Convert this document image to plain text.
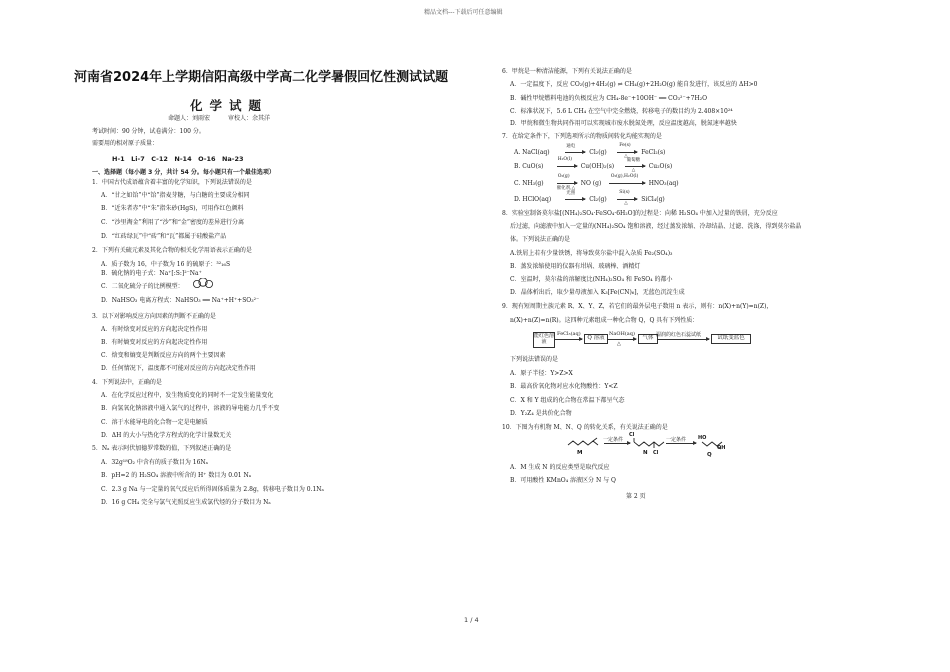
精品文档---下载后可任意编辑
河南省2024年上学期信阳高级中学高二化学暑假回忆性测试试题
化学试题
命题人：刘雨宏　　　审校人：余其洋
考试时间：90 分钟，试卷满分：100 分。
需要用的相对原子质量：
H-1　Li-7　C-12　N-14　O-16　Na-23
一、选择题（每小题 3 分，共计 54 分。每小题只有一个最佳选项）
1．中国古代成语蕴含着丰富的化学知识，下列说法错误的是
A．“甘之如饴”中“饴”指麦芽糖，与白糖的主要成分相同
B．“近朱者赤”中“朱”指朱砂(HgS)，可用作红色颜料
C．“沙里淘金”利用了“沙”和“金”密度的差异进行分离
D．“红砖绿瓦”中“砖”和“瓦”都属于硅酸盐产品
2．下列有关硫元素及其化合物的相关化学用语表示正确的是
A．质子数为 16，中子数为 16 的硫原子：³²₁₆S
B．硫化钠的电子式：Na⁺[:S:]²⁻Na⁺
C．二氧化硫分子的比例模型：
D．NaHSO₃ 电离方程式：NaHSO₃ ══ Na⁺+H⁺+SO₃²⁻
3．以下对影响反应方向因素的判断不正确的是
A．有时焓变对反应的方向起决定性作用
B．有时熵变对反应的方向起决定性作用
C．焓变和熵变是判断反应方向的两个主要因素
D．任何情况下，温度都不可能对反应的方向起决定性作用
4．下列说法中，正确的是
A．在化学反应过程中，发生物质变化的同时不一定发生能量变化
B．向氢氧化钠溶液中通入氯气的过程中，溶液的导电能力几乎不变
C．溶于水能导电的化合物一定是电解质
D．ΔH 的大小与热化学方程式的化学计量数无关
5．Nₐ 表示阿伏加德罗常数的值，下列叙述正确的是
A．32g¹⁸O₂ 中含有的质子数目为 16Nₐ
B．pH=2 的 H₂SO₄ 溶液中所含的 H⁺ 数目为 0.01 Nₐ
C．2.3 g Na 与一定量的氧气反应后所得固体质量为 2.8g，转移电子数目为 0.1Nₐ
D．16 g CH₄ 完全与氯气光照反应生成氯代烃的分子数目为 Nₐ
6．甲烷是一种清洁能源，下列有关说法正确的是
A．一定温度下，反应 CO₂(g)+4H₂(g) ⇌ CH₄(g)+2H₂O(g) 能自发进行，该反应的 ΔH>0
B．碱性甲烷燃料电池的负极反应为 CH₄-8e⁻+10OH⁻ ══ CO₃²⁻+7H₂O
C．标准状况下，5.6 L CH₄ 在空气中完全燃烧，转移电子的数目约为 2.408×10²⁴
D．甲烷和微生物共同作用可以实现城市废水脱氮处理，反应温度越高，脱氮速率越快
7．在给定条件下，下列选项所示的物质间转化均能实现的是
A. NaCl(aq)
通电
Cl₂(g)
Fe(s)
△
FeCl₂(s)
B. CuO(s)
H₂O(l)
Cu(OH)₂(s)
葡萄糖
△
Cu₂O(s)
C. NH₃(g)
O₂(g)
催化剂,△
NO (g)
O₂(g),H₂O(l)
HNO₃(aq)
D. HClO(aq)
光照
Cl₂(g)
Si(s)
△
SiCl₄(g)
8．实验室制备莫尔盐[(NH₄)₂SO₄·FeSO₄·6H₂O]的过程是：向稀 H₂SO₄ 中加入过量的铁屑，充分反应
后过滤，向滤液中加入一定量的(NH₄)₂SO₄ 饱和溶液，经过蒸发浓缩、冷却结晶、过滤、洗涤，得到莫尔盐晶
体。下列说法正确的是
A.铁屑上若有少量铁锈，将导致莫尔盐中混入杂质 Fe₂(SO₄)₃
B．蒸发浓缩使用的仪器有坩埚、玻璃棒、酒精灯
C．室温时，莫尔盐的溶解度比(NH₄)₂SO₄ 和 FeSO₄ 的都小
D．晶体析出后，取少量母液加入 K₃[Fe(CN)₆]，无蓝色沉淀生成
9．现有短周期主族元素 R、X、Y、Z，若它们的最外层电子数用 n 表示，则有：n(X)+n(Y)=n(Z)，
n(X)+n(Z)=n(R)。这四种元素组成一种化合物 Q，Q 具有下列性质：
能红色溶液
FeCl₃(aq)
Q 溶液
NaOH(aq)
△
气体 湿润的红色石蕊试纸	试纸变蓝色
下列说法错误的是
A．原子半径：Y>Z>X
B．最高价氧化物对应水化物酸性：Y<Z
C．X 和 Y 组成的化合物在常温下都呈气态
D．Y₂Z₄ 是共价化合物
10．下图为有机物 M、N、Q 的转化关系，有关说法正确的是
M
一定条件
Cl
Cl
N
一定条件 HO
OH
Q
A．M 生成 N 的反应类型是取代反应
B．可用酸性 KMnO₄ 溶液区分 N 与 Q
第 2 页
1 / 4
